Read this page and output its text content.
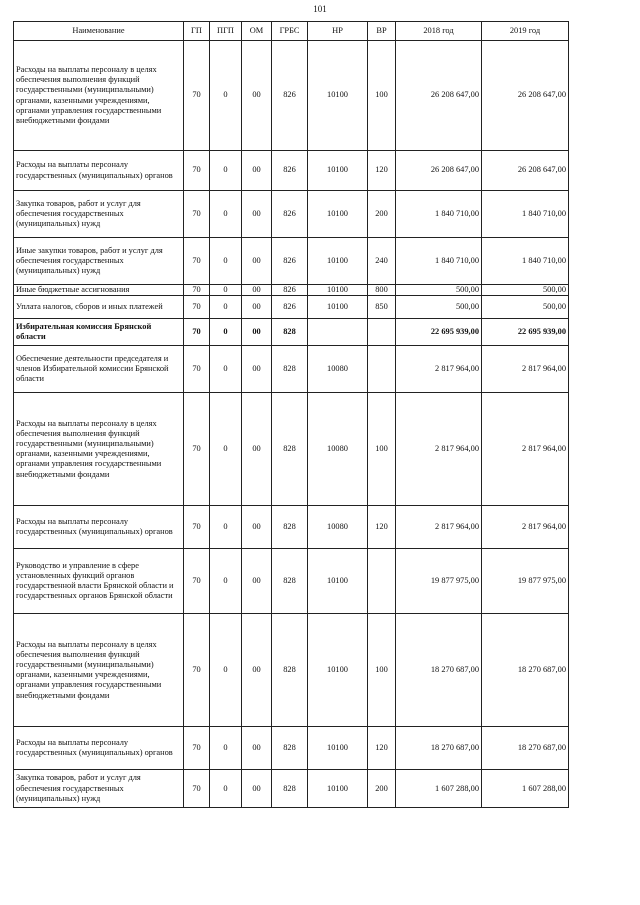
101
Наименование	ГП	ПГП	ОМ	ГРБС	НР	ВР	2018 год	2019 год
Расходы на выплаты персоналу в целях обеспечения выполнения функций государственными (муниципальными) органами, казенными учреждениями, органами управления государственными внебюджетными фондами	70	0	00	826	10100	100	26 208 647,00	26 208 647,00
Расходы на выплаты персоналу государственных (муниципальных) органов	70	0	00	826	10100	120	26 208 647,00	26 208 647,00
Закупка товаров, работ и услуг для обеспечения государственных (муниципальных) нужд	70	0	00	826	10100	200	1 840 710,00	1 840 710,00
Иные закупки товаров, работ и услуг для обеспечения государственных (муниципальных) нужд	70	0	00	826	10100	240	1 840 710,00	1 840 710,00
Иные бюджетные ассигнования	70	0	00	826	10100	800	500,00	500,00
Уплата налогов, сборов и иных платежей	70	0	00	826	10100	850	500,00	500,00
Избирательная комиссия Брянской области	70	0	00	828			22 695 939,00	22 695 939,00
Обеспечение деятельности председателя и членов Избирательной комиссии Брянской области	70	0	00	828	10080		2 817 964,00	2 817 964,00
Расходы на выплаты персоналу в целях обеспечения выполнения функций государственными (муниципальными) органами, казенными учреждениями, органами управления государственными внебюджетными фондами	70	0	00	828	10080	100	2 817 964,00	2 817 964,00
Расходы на выплаты персоналу государственных (муниципальных) органов	70	0	00	828	10080	120	2 817 964,00	2 817 964,00
Руководство и управление в сфере установленных функций органов государственной власти Брянской области и государственных органов Брянской области	70	0	00	828	10100		19 877 975,00	19 877 975,00
Расходы на выплаты персоналу в целях обеспечения выполнения функций государственными (муниципальными) органами, казенными учреждениями, органами управления государственными внебюджетными фондами	70	0	00	828	10100	100	18 270 687,00	18 270 687,00
Расходы на выплаты персоналу государственных (муниципальных) органов	70	0	00	828	10100	120	18 270 687,00	18 270 687,00
Закупка товаров, работ и услуг для обеспечения государственных (муниципальных) нужд	70	0	00	828	10100	200	1 607 288,00	1 607 288,00
